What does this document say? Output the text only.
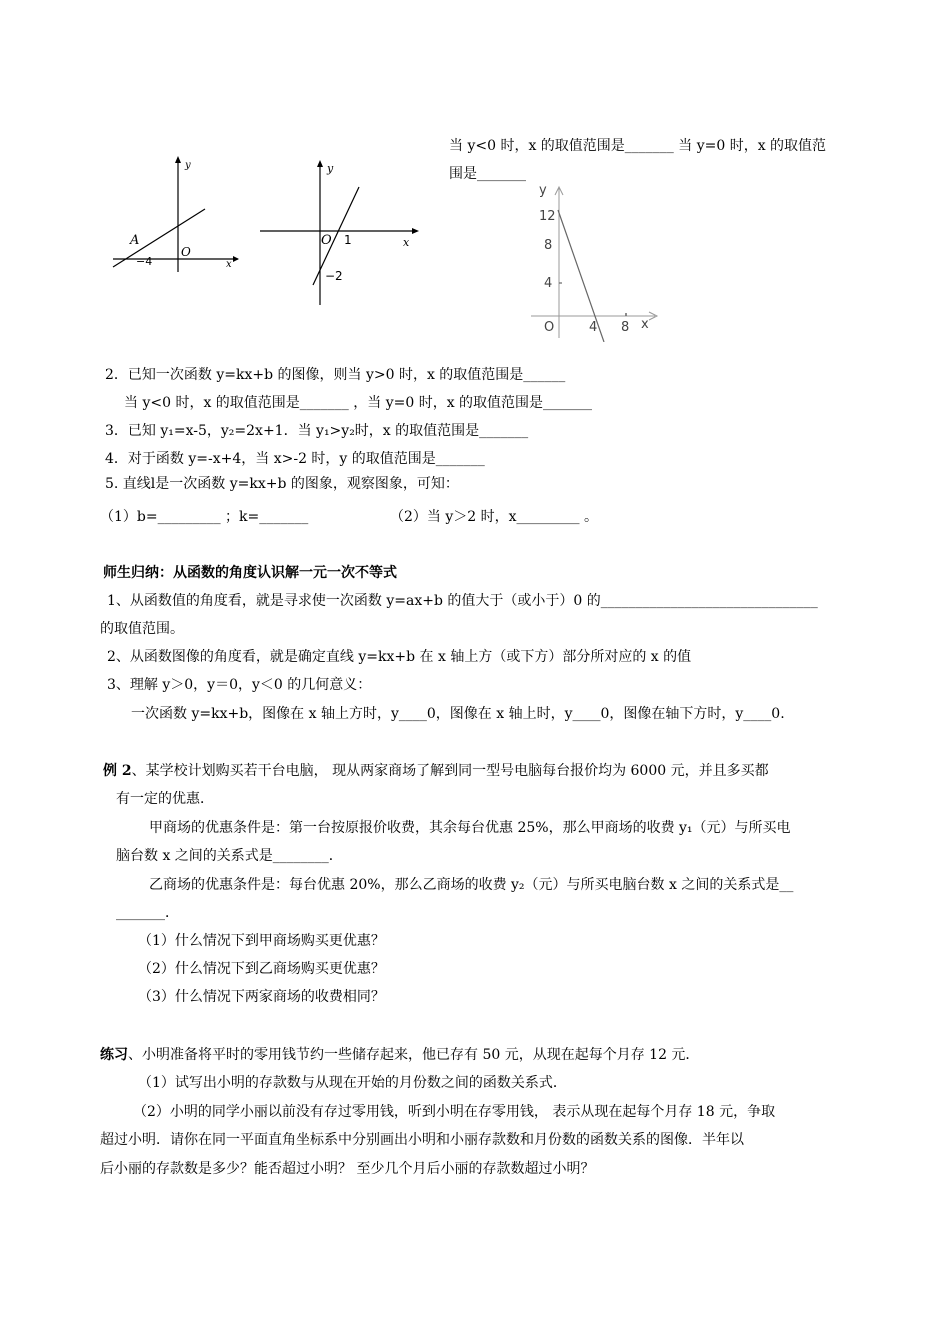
当 y<0 时，x 的取值范围是_______ 当 y=0 时，x 的取值范
围是_______
y
x
A
O
−4
y
x
O 1
−2
y
x
O
12
8
4
4 8
2．已知一次函数 y=kx+b 的图像，则当 y>0 时，x 的取值范围是______
当 y<0 时，x 的取值范围是_______ ，当 y=0 时，x 的取值范围是_______
3．已知 y₁=x-5，y₂=2x+1．当 y₁>y₂时，x 的取值范围是_______
4．对于函数 y=-x+4，当 x>-2 时，y 的取值范围是_______
5. 直线l是一次函数 y=kx+b 的图象，观察图象，可知：
（1）b=_________ ；k=_______	（2）当 y＞2 时，x_________ 。
师生归纳：从函数的角度认识解一元一次不等式
1、从函数值的角度看，就是寻求使一次函数 y=ax+b 的值大于（或小于）0 的_______________________________
的取值范围。
2、从函数图像的角度看，就是确定直线 y=kx+b 在 x 轴上方（或下方）部分所对应的 x 的值
3、理解 y＞0，y＝0，y＜0 的几何意义：
一次函数 y=kx+b，图像在 x 轴上方时，y____0，图像在 x 轴上时，y____0，图像在轴下方时，y____0.
例 2、某学校计划购买若干台电脑， 现从两家商场了解到同一型号电脑每台报价均为 6000 元，并且多买都
有一定的优惠．
甲商场的优惠条件是：第一台按原报价收费，其余每台优惠 25%，那么甲商场的收费 y₁（元）与所买电
脑台数 x 之间的关系式是________．
乙商场的优惠条件是：每台优惠 20%，那么乙商场的收费 y₂（元）与所买电脑台数 x 之间的关系式是__
_______．
（1）什么情况下到甲商场购买更优惠？
（2）什么情况下到乙商场购买更优惠？
（3）什么情况下两家商场的收费相同？
练习、小明准备将平时的零用钱节约一些储存起来，他已存有 50 元，从现在起每个月存 12 元．
（1）试写出小明的存款数与从现在开始的月份数之间的函数关系式．
（2）小明的同学小丽以前没有存过零用钱，听到小明在存零用钱， 表示从现在起每个月存 18 元，争取
超过小明．请你在同一平面直角坐标系中分别画出小明和小丽存款数和月份数的函数关系的图像．半年以
后小丽的存款数是多少？能否超过小明？ 至少几个月后小丽的存款数超过小明？
